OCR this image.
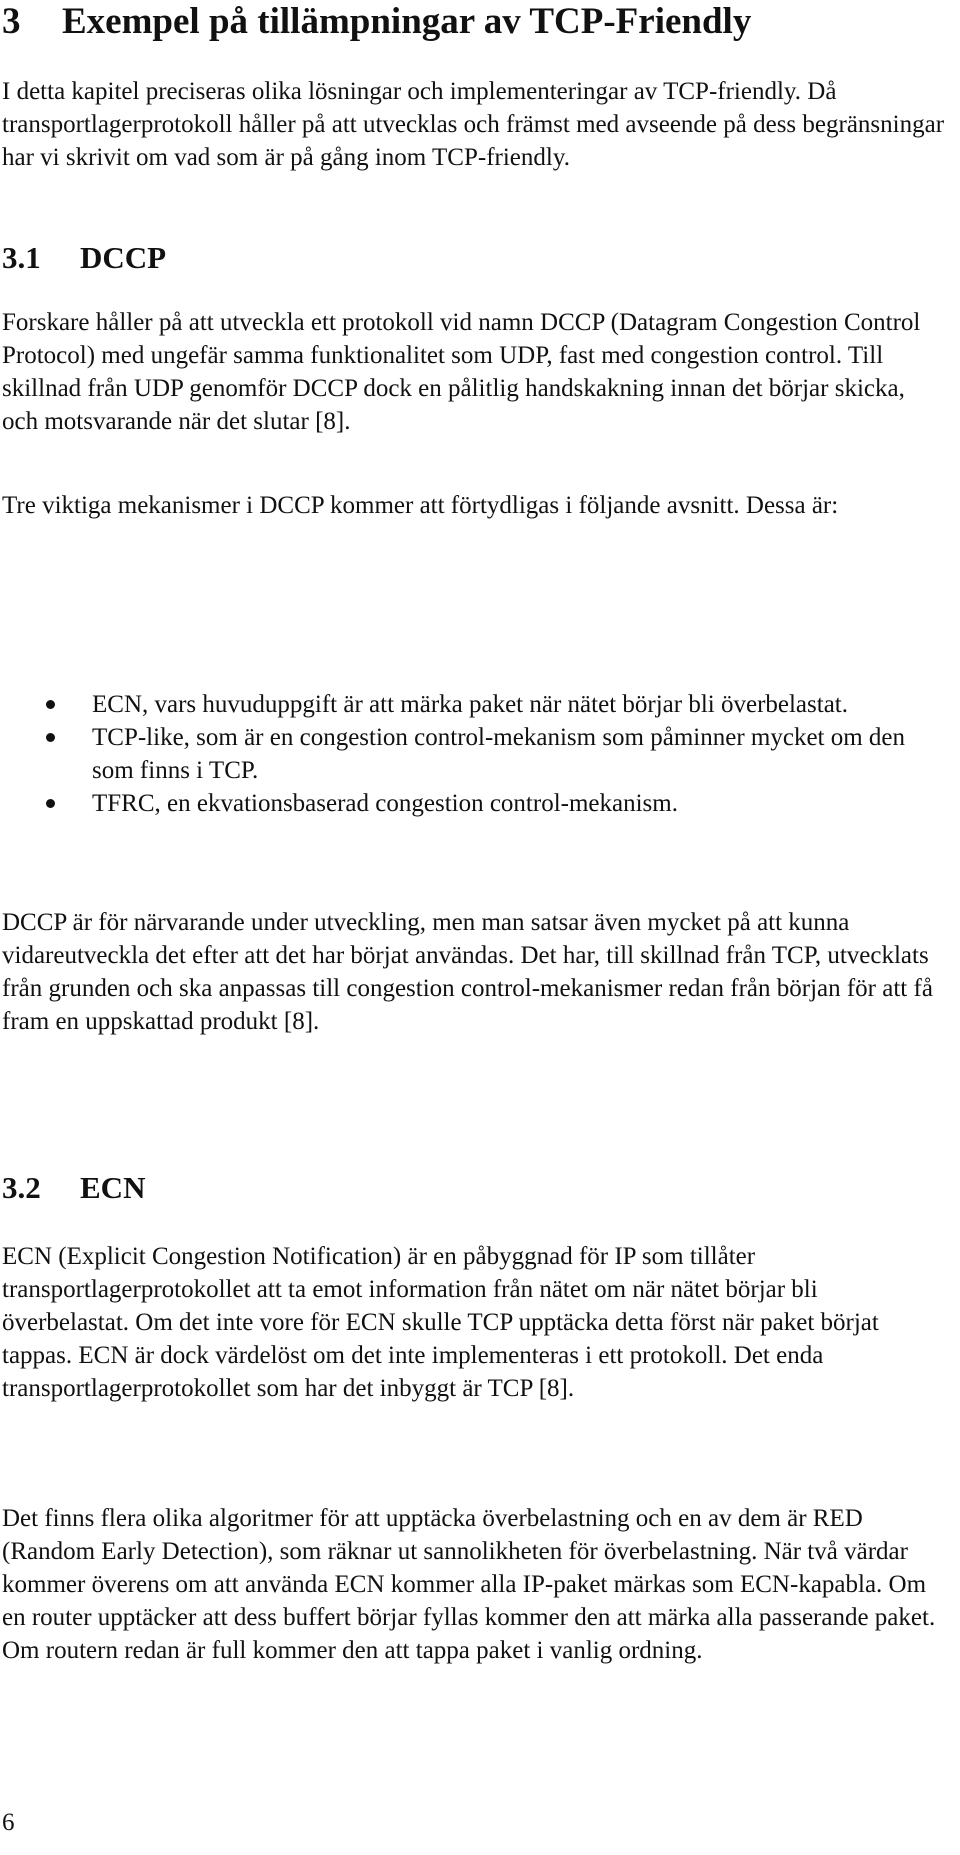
3 Exempel på tillämpningar av TCP-Friendly

I detta kapitel preciseras olika lösningar och implementeringar av TCP-friendly. Då transportlagerprotokoll håller på att utvecklas och främst med avseende på dess begränsningar har vi skrivit om vad som är på gång inom TCP-friendly.

3.1 DCCP

Forskare håller på att utveckla ett protokoll vid namn DCCP (Datagram Congestion Control Protocol) med ungefär samma funktionalitet som UDP, fast med congestion control. Till skillnad från UDP genomför DCCP dock en pålitlig handskakning innan det börjar skicka, och motsvarande när det slutar [8].

Tre viktiga mekanismer i DCCP kommer att förtydligas i följande avsnitt. Dessa är:

ECN, vars huvuduppgift är att märka paket när nätet börjar bli överbelastat.
TCP-like, som är en congestion control-mekanism som påminner mycket om den som finns i TCP.
TFRC, en ekvationsbaserad congestion control-mekanism.

DCCP är för närvarande under utveckling, men man satsar även mycket på att kunna vidareutveckla det efter att det har börjat användas. Det har, till skillnad från TCP, utvecklats från grunden och ska anpassas till congestion control-mekanismer redan från början för att få fram en uppskattad produkt [8].

3.2 ECN

ECN (Explicit Congestion Notification) är en påbyggnad för IP som tillåter transportlagerprotokollet att ta emot information från nätet om när nätet börjar bli överbelastat. Om det inte vore för ECN skulle TCP upptäcka detta först när paket börjat tappas. ECN är dock värdelöst om det inte implementeras i ett protokoll. Det enda transportlagerprotokollet som har det inbyggt är TCP [8].

Det finns flera olika algoritmer för att upptäcka överbelastning och en av dem är RED (Random Early Detection), som räknar ut sannolikheten för överbelastning. När två värdar kommer överens om att använda ECN kommer alla IP-paket märkas som ECN-kapabla. Om en router upptäcker att dess buffert börjar fyllas kommer den att märka alla passerande paket. Om routern redan är full kommer den att tappa paket i vanlig ordning.

6
